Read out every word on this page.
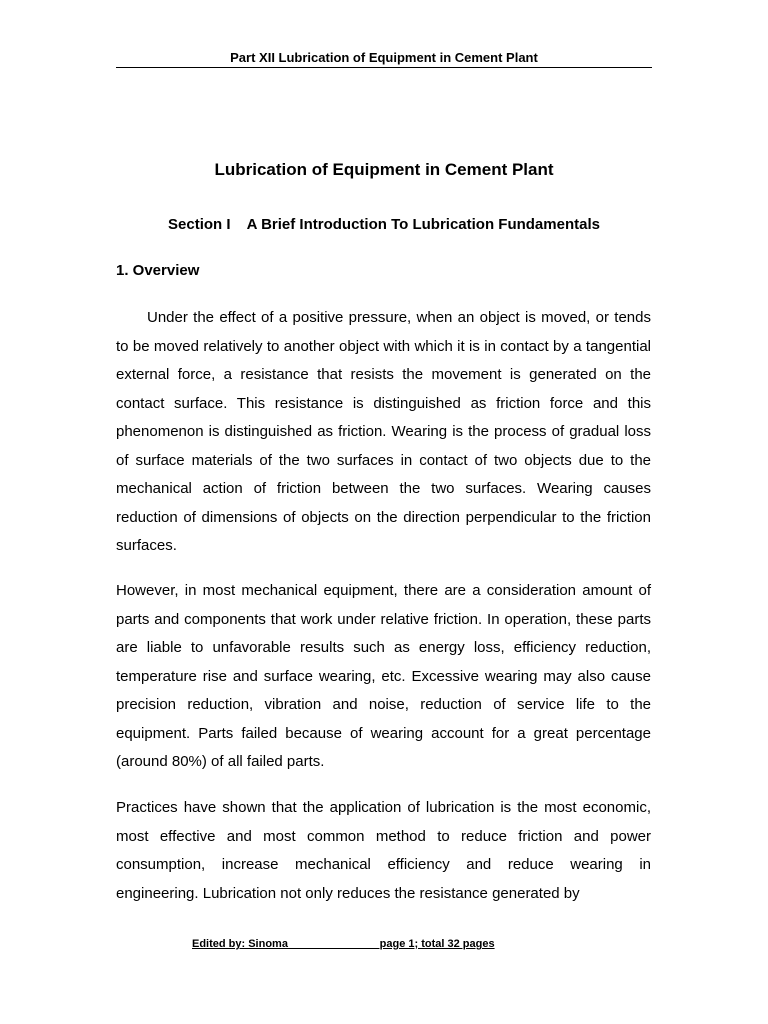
Part XII Lubrication of Equipment in Cement Plant
Lubrication of Equipment in Cement Plant
Section I    A Brief Introduction To Lubrication Fundamentals
1. Overview

Under the effect of a positive pressure, when an object is moved, or tends to be moved relatively to another object with which it is in contact by a tangential external force, a resistance that resists the movement is generated on the contact surface. This resistance is distinguished as friction force and this phenomenon is distinguished as friction. Wearing is the process of gradual loss of surface materials of the two surfaces in contact of two objects due to the mechanical action of friction between the two surfaces. Wearing causes reduction of dimensions of objects on the direction perpendicular to the friction surfaces.

However, in most mechanical equipment, there are a consideration amount of parts and components that work under relative friction. In operation, these parts are liable to unfavorable results such as energy loss, efficiency reduction, temperature rise and surface wearing, etc. Excessive wearing may also cause precision reduction, vibration and noise, reduction of service life to the equipment. Parts failed because of wearing account for a great percentage (around 80%) of all failed parts.

Practices have shown that the application of lubrication is the most economic, most effective and most common method to reduce friction and power consumption, increase mechanical efficiency and reduce wearing in engineering. Lubrication not only reduces the resistance generated by

Edited by: Sinoma                              page 1; total 32 pages
